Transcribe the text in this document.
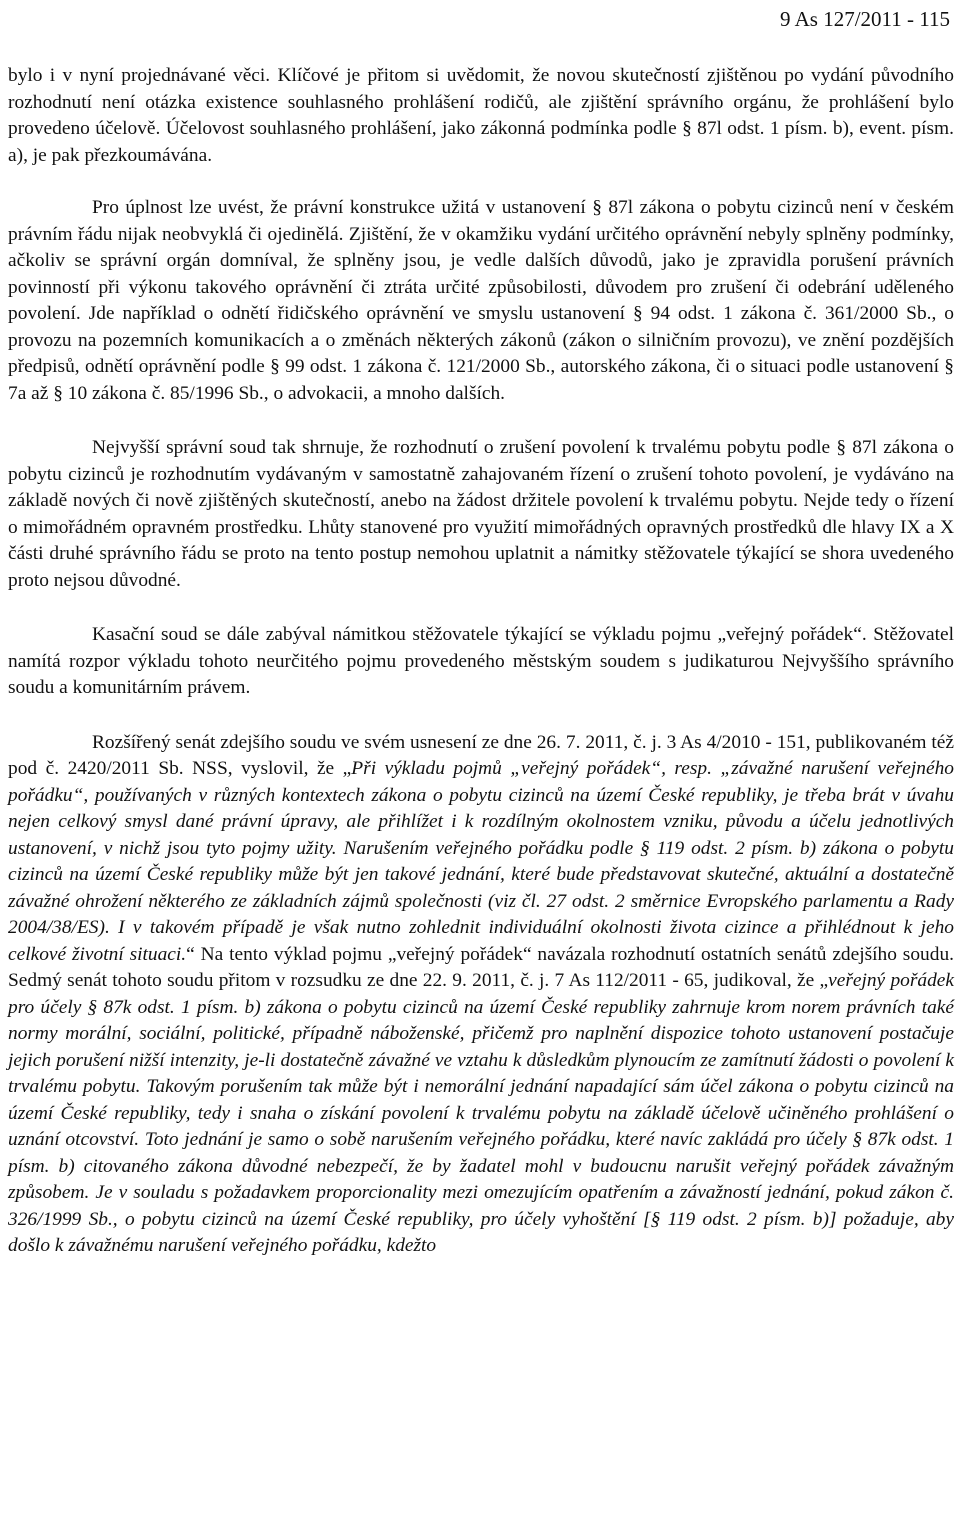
9 As 127/2011 - 115

bylo i v nyní projednávané věci. Klíčové je přitom si uvědomit, že novou skutečností zjištěnou po vydání původního rozhodnutí není otázka existence souhlasného prohlášení rodičů, ale zjištění správního orgánu, že prohlášení bylo provedeno účelově. Účelovost souhlasného prohlášení, jako zákonná podmínka podle § 87l odst. 1 písm. b), event. písm. a), je pak přezkoumávána.

Pro úplnost lze uvést, že právní konstrukce užitá v ustanovení § 87l zákona o pobytu cizinců není v českém právním řádu nijak neobvyklá či ojedinělá. Zjištění, že v okamžiku vydání určitého oprávnění nebyly splněny podmínky, ačkoliv se správní orgán domníval, že splněny jsou, je vedle dalších důvodů, jako je zpravidla porušení právních povinností při výkonu takového oprávnění či ztráta určité způsobilosti, důvodem pro zrušení či odebrání uděleného povolení. Jde například o odnětí řidičského oprávnění ve smyslu ustanovení § 94 odst. 1 zákona č. 361/2000 Sb., o provozu na pozemních komunikacích a o změnách některých zákonů (zákon o silničním provozu), ve znění pozdějších předpisů, odnětí oprávnění podle § 99 odst. 1 zákona č. 121/2000 Sb., autorského zákona, či o situaci podle ustanovení § 7a až § 10 zákona č. 85/1996 Sb., o advokacii, a mnoho dalších.

Nejvyšší správní soud tak shrnuje, že rozhodnutí o zrušení povolení k trvalému pobytu podle § 87l zákona o pobytu cizinců je rozhodnutím vydávaným v samostatně zahajovaném řízení o zrušení tohoto povolení, je vydáváno na základě nových či nově zjištěných skutečností, anebo na žádost držitele povolení k trvalému pobytu. Nejde tedy o řízení o mimořádném opravném prostředku. Lhůty stanovené pro využití mimořádných opravných prostředků dle hlavy IX a X části druhé správního řádu se proto na tento postup nemohou uplatnit a námitky stěžovatele týkající se shora uvedeného proto nejsou důvodné.

Kasační soud se dále zabýval námitkou stěžovatele týkající se výkladu pojmu „veřejný pořádek“. Stěžovatel namítá rozpor výkladu tohoto neurčitého pojmu provedeného městským soudem s judikaturou Nejvyššího správního soudu a komunitárním právem.

Rozšířený senát zdejšího soudu ve svém usnesení ze dne 26. 7. 2011, č. j. 3 As 4/2010 - 151, publikovaném též pod č. 2420/2011 Sb. NSS, vyslovil, že „Při výkladu pojmů „veřejný pořádek“, resp. „závažné narušení veřejného pořádku“, používaných v různých kontextech zákona o pobytu cizinců na území České republiky, je třeba brát v úvahu nejen celkový smysl dané právní úpravy, ale přihlížet i k rozdílným okolnostem vzniku, původu a účelu jednotlivých ustanovení, v nichž jsou tyto pojmy užity. Narušením veřejného pořádku podle § 119 odst. 2 písm. b) zákona o pobytu cizinců na území České republiky může být jen takové jednání, které bude představovat skutečné, aktuální a dostatečně závažné ohrožení některého ze základních zájmů společnosti (viz čl. 27 odst. 2 směrnice Evropského parlamentu a Rady 2004/38/ES). I v takovém případě je však nutno zohlednit individuální okolnosti života cizince a přihlédnout k jeho celkové životní situaci.“ Na tento výklad pojmu „veřejný pořádek“ navázala rozhodnutí ostatních senátů zdejšího soudu. Sedmý senát tohoto soudu přitom v rozsudku ze dne 22. 9. 2011, č. j. 7 As 112/2011 - 65, judikoval, že „veřejný pořádek pro účely § 87k odst. 1 písm. b) zákona o pobytu cizinců na území České republiky zahrnuje krom norem právních také normy morální, sociální, politické, případně náboženské, přičemž pro naplnění dispozice tohoto ustanovení postačuje jejich porušení nižší intenzity, je-li dostatečně závažné ve vztahu k důsledkům plynoucím ze zamítnutí žádosti o povolení k trvalému pobytu. Takovým porušením tak může být i nemorální jednání napadající sám účel zákona o pobytu cizinců na území České republiky, tedy i snaha o získání povolení k trvalému pobytu na základě účelově učiněného prohlášení o uznání otcovství. Toto jednání je samo o sobě narušením veřejného pořádku, které navíc zakládá pro účely § 87k odst. 1 písm. b) citovaného zákona důvodné nebezpečí, že by žadatel mohl v budoucnu narušit veřejný pořádek závažným způsobem. Je v souladu s požadavkem proporcionality mezi omezujícím opatřením a závažností jednání, pokud zákon č. 326/1999 Sb., o pobytu cizinců na území České republiky, pro účely vyhoštění [§ 119 odst. 2 písm. b)] požaduje, aby došlo k závažnému narušení veřejného pořádku, kdežto
